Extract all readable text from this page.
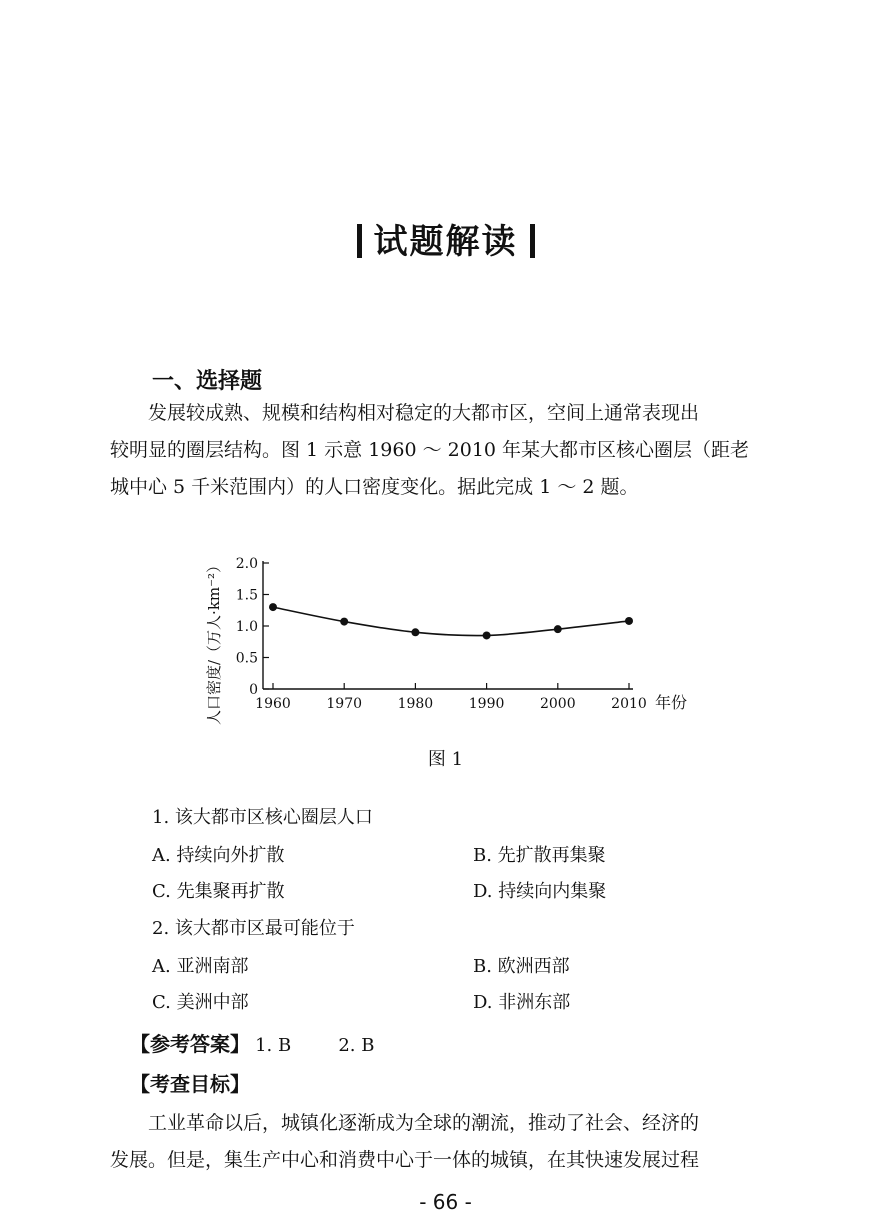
试题解读
一、选择题

发展较成熟、规模和结构相对稳定的大都市区，空间上通常表现出

较明显的圈层结构。图 1 示意 1960 ～ 2010 年某大都市区核心圈层（距老

城中心 5 千米范围内）的人口密度变化。据此完成 1 ～ 2 题。

0
0.5
1.0
1.5
2.0
1960	1970	1980	1990	2000	2010
人口密度/（万人·km⁻²）	年份
图 1
1. 该大都市区核心圈层人口
A. 持续向外扩散	B. 先扩散再集聚
C. 先集聚再扩散	D. 持续向内集聚
2. 该大都市区最可能位于
A. 亚洲南部	B. 欧洲西部
C. 美洲中部	D. 非洲东部
【参考答案】 1. B	2. B
【考查目标】

工业革命以后，城镇化逐渐成为全球的潮流，推动了社会、经济的

发展。但是，集生产中心和消费中心于一体的城镇，在其快速发展过程

- 66 -
